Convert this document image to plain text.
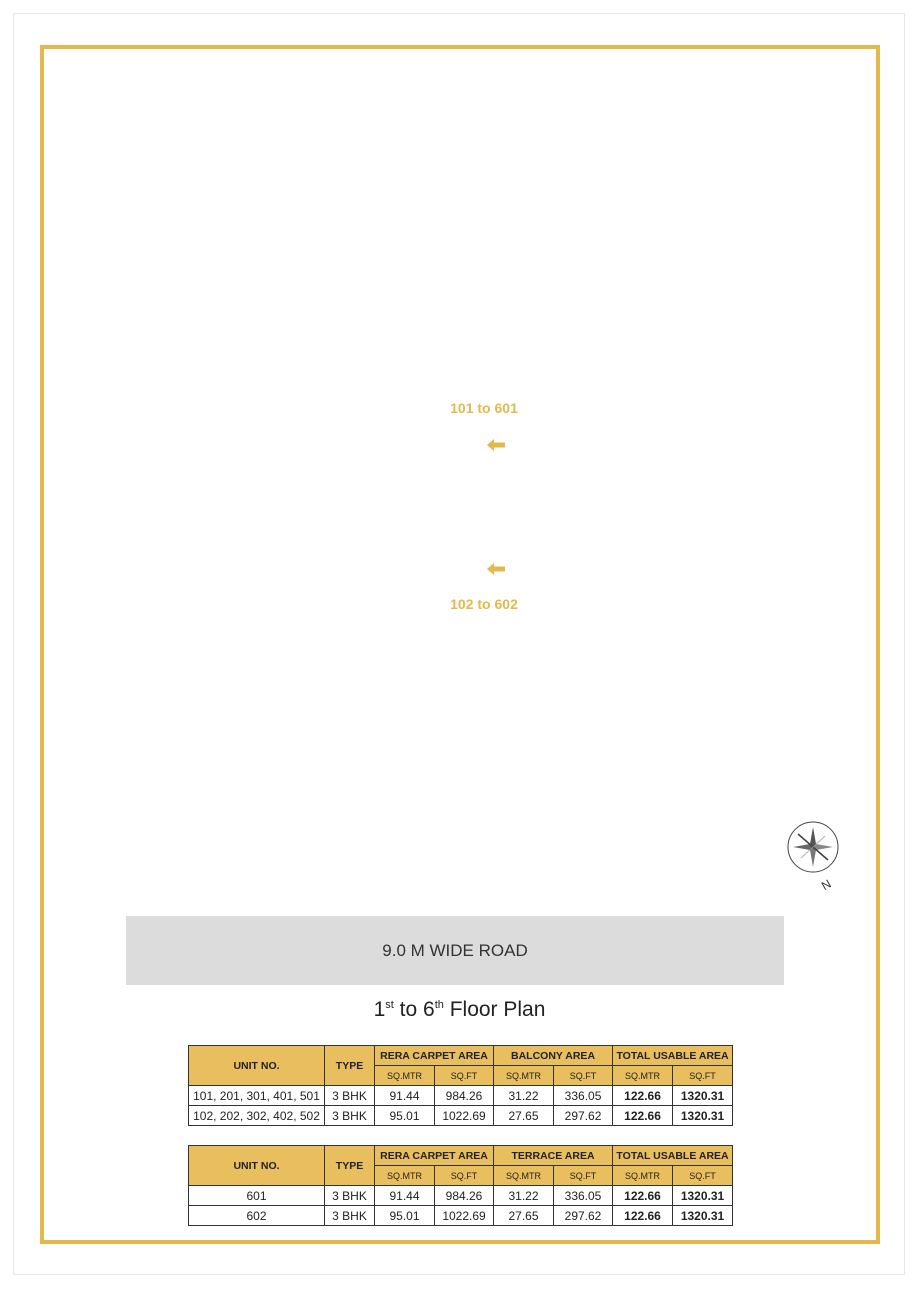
101 to 601
102 to 602
N
9.0 M WIDE ROAD
1st to 6th Floor Plan
UNIT NO.	TYPE	RERA CARPET AREA		BALCONY AREA		TOTAL USABLE AREA	
		SQ.MTR	SQ.FT	SQ.MTR	SQ.FT	SQ.MTR	SQ.FT
101, 201, 301, 401, 501	3 BHK	91.44	984.26	31.22	336.05	122.66	1320.31
102, 202, 302, 402, 502	3 BHK	95.01	1022.69	27.65	297.62	122.66	1320.31
UNIT NO.	TYPE	RERA CARPET AREA		TERRACE AREA		TOTAL USABLE AREA	
		SQ.MTR	SQ.FT	SQ.MTR	SQ.FT	SQ.MTR	SQ.FT
601	3 BHK	91.44	984.26	31.22	336.05	122.66	1320.31
602	3 BHK	95.01	1022.69	27.65	297.62	122.66	1320.31
